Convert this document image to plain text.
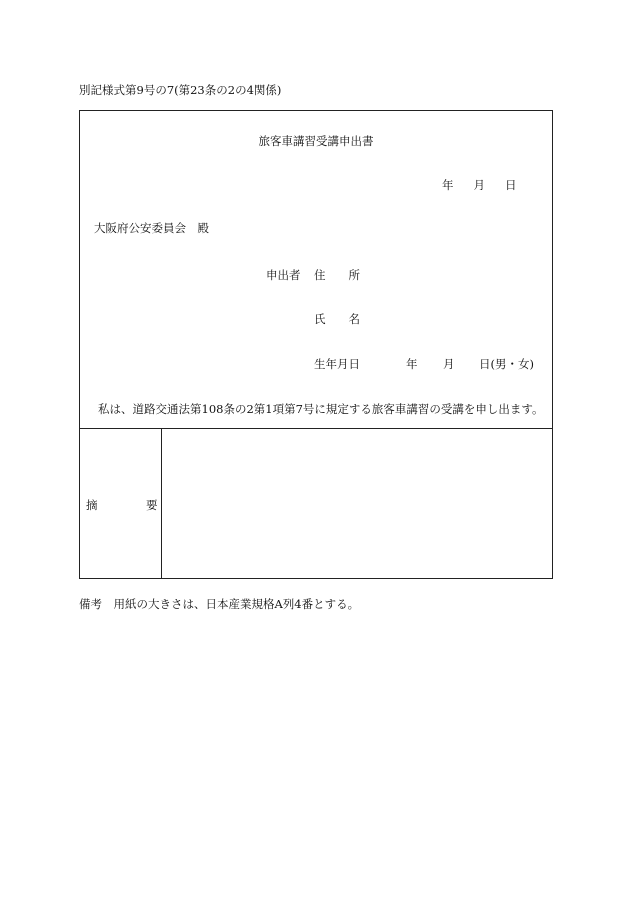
別記様式第9号の7(第23条の2の4関係)
旅客車講習受講申出書
年 月 日
大阪府公安委員会　殿
申出者 住　　所
氏　　名
生年月日	年 月 日(男・女)
私は、道路交通法第108条の2第1項第7号に規定する旅客車講習の受講を申し出ます。
摘	要
備考　用紙の大きさは、日本産業規格A列4番とする。
